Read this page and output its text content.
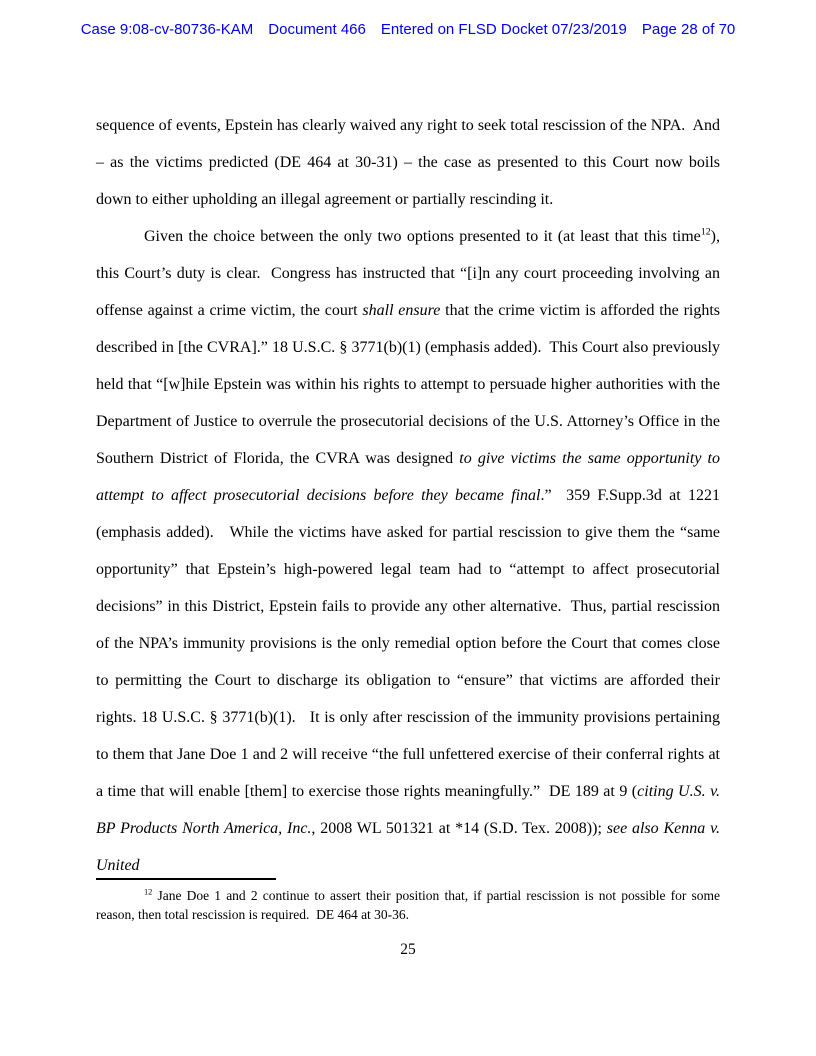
Case 9:08-cv-80736-KAM Document 466 Entered on FLSD Docket 07/23/2019 Page 28 of 70

sequence of events, Epstein has clearly waived any right to seek total rescission of the NPA.  And – as the victims predicted (DE 464 at 30-31) – the case as presented to this Court now boils down to either upholding an illegal agreement or partially rescinding it.

Given the choice between the only two options presented to it (at least that this time$^{12}$), this Court’s duty is clear.  Congress has instructed that “[i]n any court proceeding involving an offense against a crime victim, the court shall ensure that the crime victim is afforded the rights described in [the CVRA].” 18 U.S.C. § 3771(b)(1) (emphasis added).  This Court also previously held that “[w]hile Epstein was within his rights to attempt to persuade higher authorities with the Department of Justice to overrule the prosecutorial decisions of the U.S. Attorney’s Office in the Southern District of Florida, the CVRA was designed to give victims the same opportunity to attempt to affect prosecutorial decisions before they became final.”  359 F.Supp.3d at 1221 (emphasis added).   While the victims have asked for partial rescission to give them the “same opportunity” that Epstein’s high-powered legal team had to “attempt to affect prosecutorial decisions” in this District, Epstein fails to provide any other alternative.  Thus, partial rescission of the NPA’s immunity provisions is the only remedial option before the Court that comes close to permitting the Court to discharge its obligation to “ensure” that victims are afforded their rights. 18 U.S.C. § 3771(b)(1).   It is only after rescission of the immunity provisions pertaining to them that Jane Doe 1 and 2 will receive “the full unfettered exercise of their conferral rights at a time that will enable [them] to exercise those rights meaningfully.”  DE 189 at 9 (citing U.S. v. BP Products North America, Inc., 2008 WL 501321 at *14 (S.D. Tex. 2008)); see also Kenna v. United

$^{12}$ Jane Doe 1 and 2 continue to assert their position that, if partial rescission is not possible for some reason, then total rescission is required.  DE 464 at 30-36.

25
